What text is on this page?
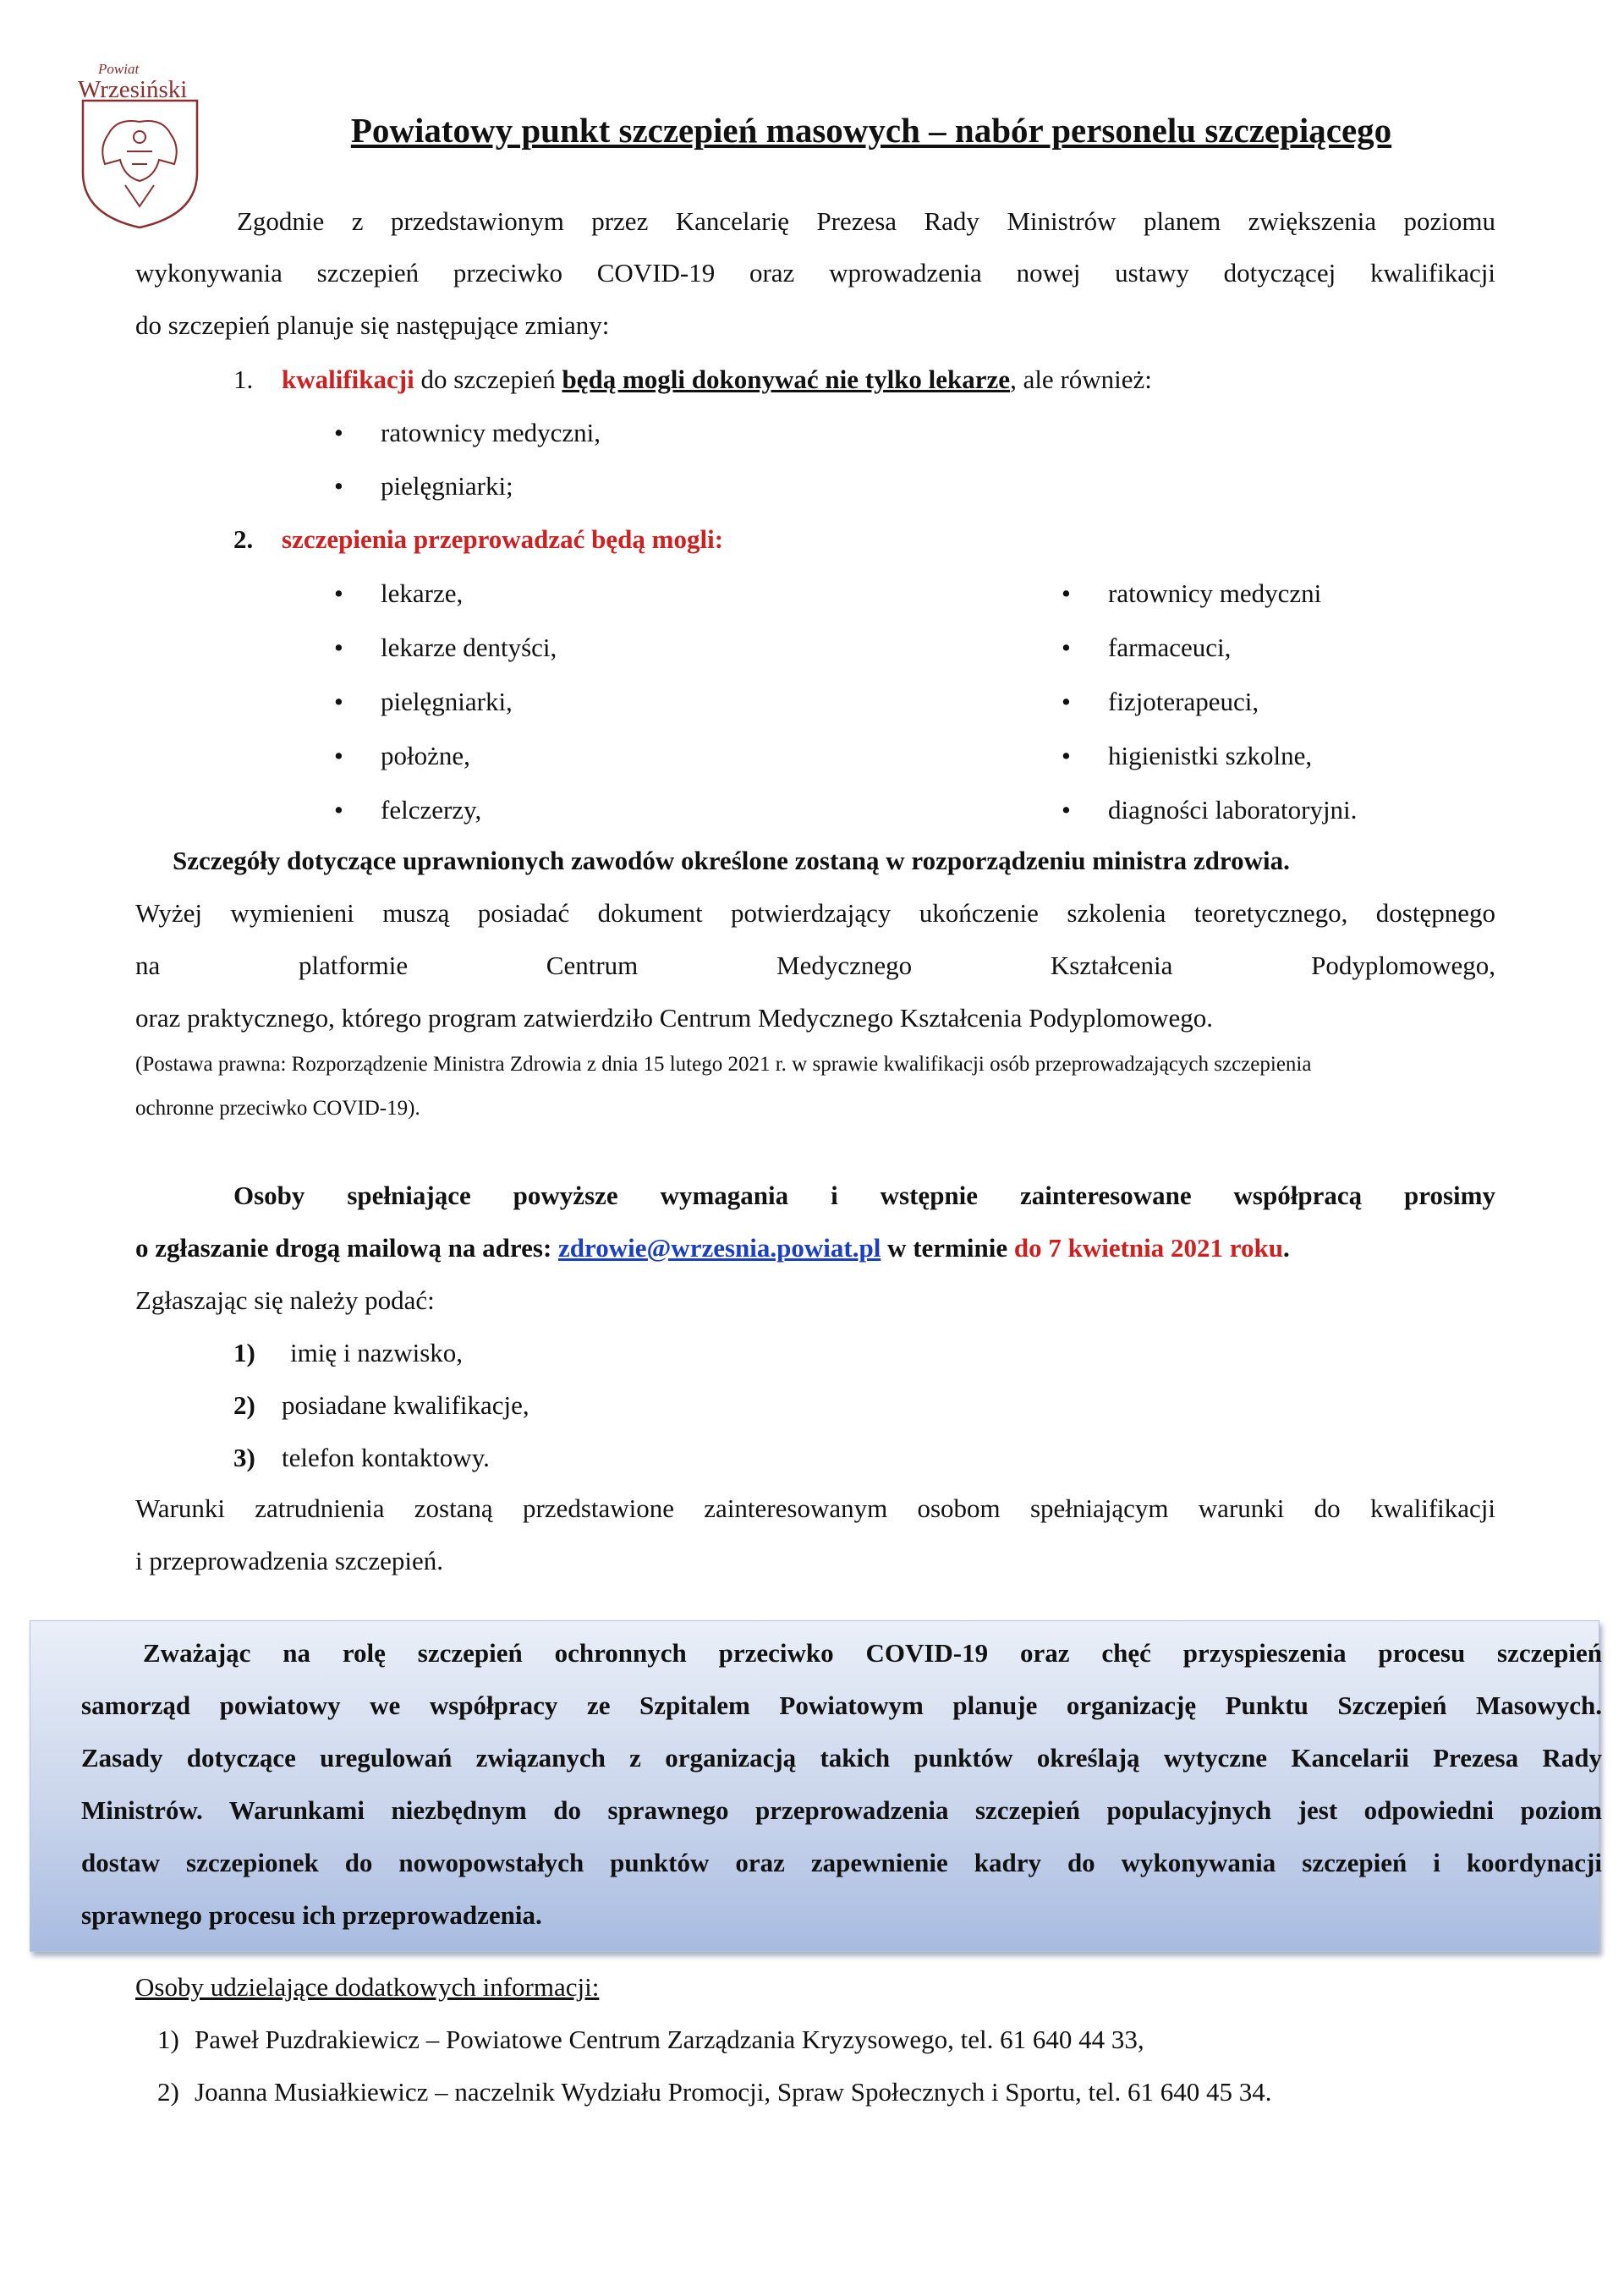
Powiat
Wrzesiński
Powiatowy punkt szczepień masowych – nabór personelu szczepiącego
Zgodnie z przedstawionym przez Kancelarię Prezesa Rady Ministrów planem zwiększenia poziomu
wykonywania szczepień przeciwko COVID-19 oraz wprowadzenia nowej ustawy dotyczącej kwalifikacji
do szczepień planuje się następujące zmiany:
1. kwalifikacji do szczepień będą mogli dokonywać nie tylko lekarze, ale również:
• ratownicy medyczni,
• pielęgniarki;
2. szczepienia przeprowadzać będą mogli:
• lekarze,
• lekarze dentyści,
• pielęgniarki,
• położne,
• felczerzy,
• ratownicy medyczni
• farmaceuci,
• fizjoterapeuci,
• higienistki szkolne,
• diagności laboratoryjni.
Szczegóły dotyczące uprawnionych zawodów określone zostaną w rozporządzeniu ministra zdrowia.
Wyżej wymienieni muszą posiadać dokument potwierdzający ukończenie szkolenia teoretycznego, dostępnego
na	platformie	Centrum	Medycznego	Kształcenia	Podyplomowego,
oraz praktycznego, którego program zatwierdziło Centrum Medycznego Kształcenia Podyplomowego.
(Postawa prawna: Rozporządzenie Ministra Zdrowia z dnia 15 lutego 2021 r. w sprawie kwalifikacji osób przeprowadzających szczepienia
ochronne przeciwko COVID-19).
Osoby spełniające powyższe wymagania i wstępnie zainteresowane współpracą prosimy
o zgłaszanie drogą mailową na adres: zdrowie@wrzesnia.powiat.pl w terminie do 7 kwietnia 2021 roku.
Zgłaszając się należy podać:
1) imię i nazwisko,
2) posiadane kwalifikacje,
3) telefon kontaktowy.
Warunki zatrudnienia zostaną przedstawione zainteresowanym osobom spełniającym warunki do kwalifikacji
i przeprowadzenia szczepień.
Zważając na rolę szczepień ochronnych przeciwko COVID-19 oraz chęć przyspieszenia procesu szczepień
samorząd powiatowy we współpracy ze Szpitalem Powiatowym planuje organizację Punktu Szczepień Masowych.
Zasady dotyczące uregulowań związanych z organizacją takich punktów określają wytyczne Kancelarii Prezesa Rady
Ministrów. Warunkami niezbędnym do sprawnego przeprowadzenia szczepień populacyjnych jest odpowiedni poziom
dostaw szczepionek do nowopowstałych punktów oraz zapewnienie kadry do wykonywania szczepień i koordynacji
sprawnego procesu ich przeprowadzenia.
Osoby udzielające dodatkowych informacji:
1) Paweł Puzdrakiewicz – Powiatowe Centrum Zarządzania Kryzysowego, tel. 61 640 44 33,
2) Joanna Musiałkiewicz – naczelnik Wydziału Promocji, Spraw Społecznych i Sportu, tel. 61 640 45 34.
